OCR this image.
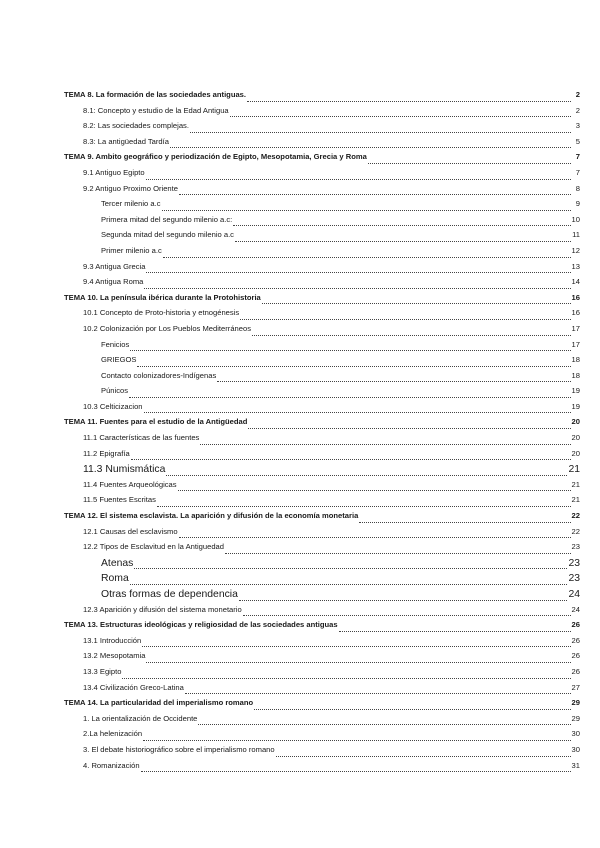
TEMA 8. La formación de las sociedades antiguas.	2
8.1: Concepto y estudio de la Edad Antigua	2
8.2: Las sociedades complejas.	3
8.3: La antigüedad Tardía	5
TEMA 9. Ambito geográfico y periodización de Egipto, Mesopotamia, Grecia y Roma	7
9.1 Antiguo Egipto	7
9.2 Antiguo Proximo Oriente	8
Tercer milenio a.c	9
Primera mitad del segundo milenio a.c:	10
Segunda mitad del segundo milenio a.c	11
Primer milenio a.c	12
9.3 Antigua Grecia	13
9.4 Antigua Roma	14
TEMA 10. La península ibérica durante la Protohistoria	16
10.1 Concepto de Proto-historia y etnogénesis	16
10.2 Colonización por Los Pueblos Mediterráneos	17
Fenicios	17
GRIEGOS	18
Contacto colonizadores-Indígenas	18
Púnicos	19
10.3 Celticizacion	19
TEMA 11. Fuentes para el estudio de la Antigüedad	20
11.1 Características de las fuentes	20
11.2 Epigrafía	20
11.3 Numismática	21
11.4 Fuentes Arqueológicas	21
11.5 Fuentes Escritas	21
TEMA 12. El sistema esclavista. La aparición y difusión de la economía monetaria	22
12.1 Causas del esclavismo	22
12.2 Tipos de Esclavitud en la Antiguedad	23
Atenas	23
Roma	23
Otras formas de dependencia	24
12.3 Aparición y difusión del sistema monetario	24
TEMA 13. Estructuras ideológicas y religiosidad de las sociedades antiguas	26
13.1 Introducción	26
13.2 Mesopotamia	26
13.3 Egipto	26
13.4 Civilización Greco-Latina	27
TEMA 14. La particularidad del imperialismo romano	29
1. La orientalización de Occidente	29
2.La helenización	30
3. El debate historiográfico sobre el imperialismo romano	30
4. Romanización	31
